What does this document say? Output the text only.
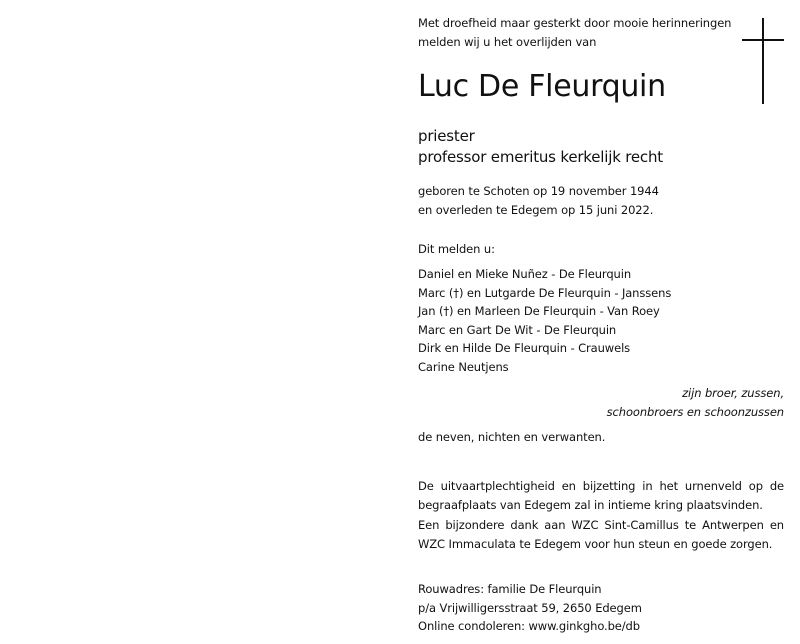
Met droefheid maar gesterkt door mooie herinneringen
melden wij u het overlijden van
Luc De Fleurquin
priester
professor emeritus kerkelijk recht
geboren te Schoten op 19 november 1944
en overleden te Edegem op 15 juni 2022.
Dit melden u:
Daniel en Mieke Nuñez - De Fleurquin
Marc (†) en Lutgarde De Fleurquin - Janssens
Jan (†) en Marleen De Fleurquin - Van Roey
Marc en Gart De Wit - De Fleurquin
Dirk en Hilde De Fleurquin - Crauwels
Carine Neutjens
zijn broer, zussen,
schoonbroers en schoonzussen
de neven, nichten en verwanten.
De uitvaartplechtigheid en bijzetting in het urnenveld op de
begraafplaats van Edegem zal in intieme kring plaatsvinden.
Een bijzondere dank aan WZC Sint-Camillus te Antwerpen en
WZC Immaculata te Edegem voor hun steun en goede zorgen.
Rouwadres: familie De Fleurquin
p/a Vrijwilligersstraat 59, 2650 Edegem
Online condoleren: www.ginkgho.be/db
